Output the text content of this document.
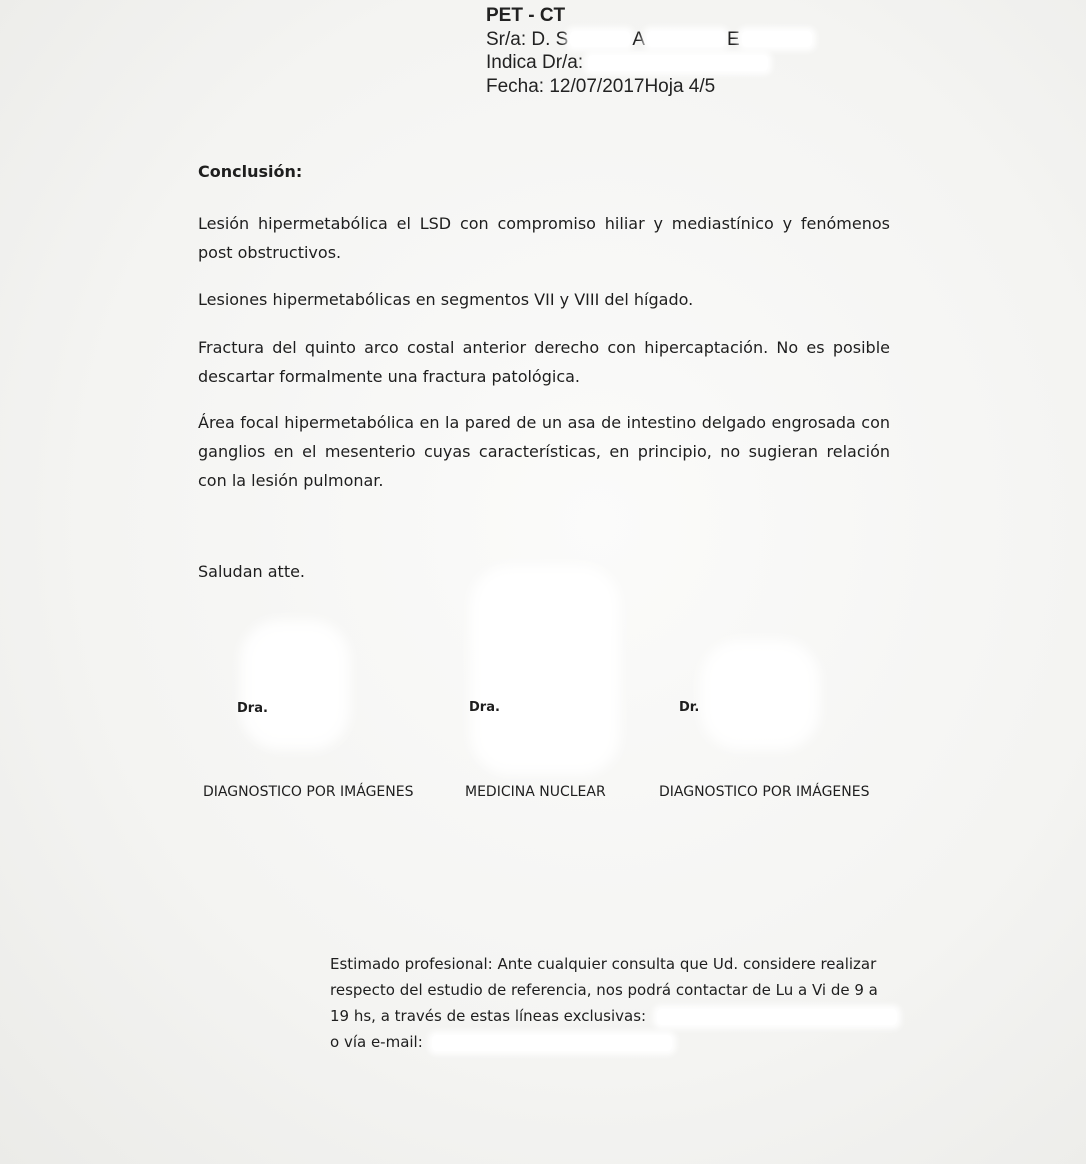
PET - CT
Sr/a: D. S	A	E
Indica Dr/a:
Fecha: 12/07/2017Hoja 4/5
Conclusión:
Lesión hipermetabólica el LSD con compromiso hiliar y mediastínico y fenómenos post obstructivos.
Lesiones hipermetabólicas en segmentos VII y VIII del hígado.
Fractura del quinto arco costal anterior derecho con hipercaptación. No es posible descartar formalmente una fractura patológica.
Área focal hipermetabólica en la pared de un asa de intestino delgado engrosada con ganglios en el mesenterio cuyas características, en principio, no sugieran relación con la lesión pulmonar.
Saludan atte.
Dra.	Dra.	Dr.
DIAGNOSTICO POR IMÁGENES	MEDICINA NUCLEAR	DIAGNOSTICO POR IMÁGENES
Estimado profesional: Ante cualquier consulta que Ud. considere realizar
respecto del estudio de referencia, nos podrá contactar de Lu a Vi de 9 a
19 hs, a través de estas líneas exclusivas:
o vía e-mail:
